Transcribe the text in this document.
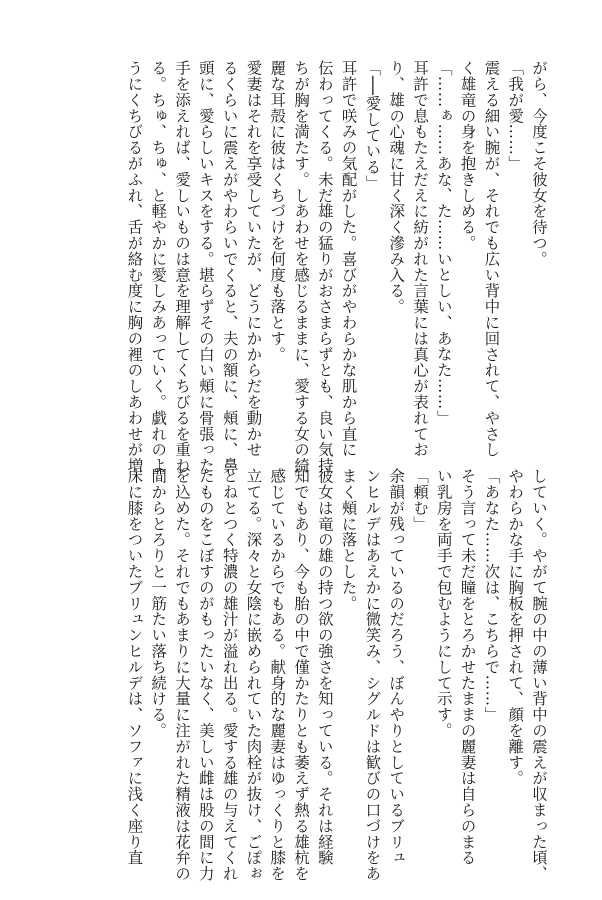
がら、今度こそ彼女を待つ。
「我が愛……」
震える細い腕が、それでも広い背中に回されて、やさし
く雄竜の身を抱きしめる。
「……ぁ……あな、た……いとしい、あなた……」
耳許で息もたえだえに紡がれた言葉には真心が表れてお
り、雄の心魂に甘く深く滲み入る。
「──愛している」
耳許で咲みの気配がした。喜びがやわらかな肌から直に
伝わってくる。未だ雄の猛りがおさまらずとも、良い気持
ちが胸を満たす。しあわせを感じるままに、愛する女の綺
麗な耳殻に彼はくちづけを何度も落とす。
愛妻はそれを享受していたが、どうにかからだを動かせ
るくらいに震えがやわらいでくると、夫の額に、頰に、鼻
頭に、愛らしいキスをする。堪らずその白い頰に骨張った
手を添えれば、愛しいものは意を理解してくちびるを重ね
る。ちゅ、ちゅ、と軽やかに愛しみあっていく。戯れのよ
うにくちびるがふれ、舌が絡む度に胸の裡のしあわせが増
していく。やがて腕の中の薄い背中の震えが収まった頃、
やわらかな手に胸板を押されて、顔を離す。
「あなた……次は、こちらで……」
そう言って未だ瞳をとろかせたままの麗妻は自らのまる
い乳房を両手で包むようにして示す。
「頼む」
余韻が残っているのだろう、ぼんやりとしているブリュ
ンヒルデはあえかに微笑み、シグルドは歓びの口づけをあ
まく頰に落とした。
彼女は竜の雄の持つ欲の強さを知っている。それは経験
知でもあり、今も胎の中で僅かたりとも萎えず熱る雄杭を
感じているからでもある。献身的な麗妻はゆっくりと膝を
立てる。深々と女陰に嵌められていた肉栓が抜け、ごぽぉ
とねとつく特濃の雄汁が溢れ出る。愛する雄の与えてくれ
たものをこぼすのがもったいなく、美しい雌は股の間に力
を込めた。それでもあまりに大量に注がれた精液は花弁の
間からとろりと一筋たい落ち続ける。
床に膝をついたブリュンヒルデは、ソファに浅く座り直
